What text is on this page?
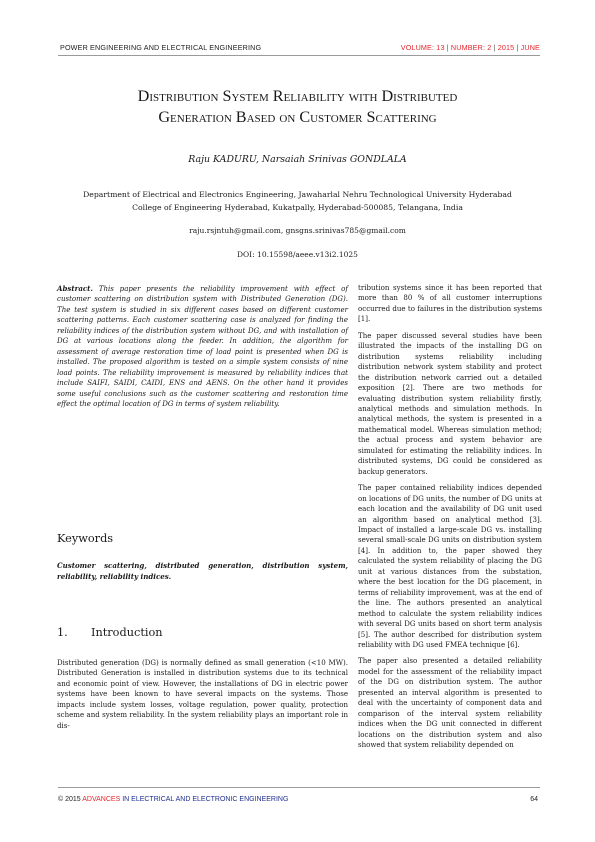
POWER ENGINEERING AND ELECTRICAL ENGINEERING	VOLUME: 13 | NUMBER: 2 | 2015 | JUNE
Distribution System Reliability with Distributed
Generation Based on Customer Scattering
Raju KADURU, Narsaiah Srinivas GONDLALA
Department of Electrical and Electronics Engineering, Jawaharlal Nehru Technological University Hyderabad
College of Engineering Hyderabad, Kukatpally, Hyderabad-500085, Telangana, India
raju.rsjntuh@gmail.com, gnsgns.srinivas785@gmail.com
DOI: 10.15598/aeee.v13i2.1025
Abstract. This paper presents the reliability improvement with effect of customer scattering on distribution system with Distributed Generation (DG). The test system is studied in six different cases based on different customer scattering patterns. Each customer scattering case is analyzed for finding the reliability indices of the distribution system without DG, and with installation of DG at various locations along the feeder. In addition, the algorithm for assessment of average restoration time of load point is presented when DG is installed. The proposed algorithm is tested on a simple system consists of nine load points. The reliability improvement is measured by reliability indices that include SAIFI, SAIDI, CAIDI, ENS and AENS. On the other hand it provides some useful conclusions such as the customer scattering and restoration time effect the optimal location of DG in terms of system reliability.
Keywords
Customer scattering, distributed generation, distribution system, reliability, reliability indices.
1. Introduction

Distributed generation (DG) is normally defined as small generation (<10 MW). Distributed Generation is installed in distribution systems due to its technical and economic point of view. However, the installations of DG in electric power systems have been known to have several impacts on the systems. Those impacts include system losses, voltage regulation, power quality, protection scheme and system reliability. In the system reliability plays an important role in dis-

tribution systems since it has been reported that more than 80 % of all customer interruptions occurred due to failures in the distribution systems [1].

The paper discussed several studies have been illustrated the impacts of the installing DG on distribution systems reliability including distribution network system stability and protect the distribution network carried out a detailed exposition [2]. There are two methods for evaluating distribution system reliability firstly, analytical methods and simulation methods. In analytical methods, the system is presented in a mathematical model. Whereas simulation method; the actual process and system behavior are simulated for estimating the reliability indices. In distributed systems, DG could be considered as backup generators.

The paper contained reliability indices depended on locations of DG units, the number of DG units at each location and the availability of DG unit used an algorithm based on analytical method [3]. Impact of installed a large-scale DG vs. installing several small-scale DG units on distribution system [4]. In addition to, the paper showed they calculated the system reliability of placing the DG unit at various distances from the substation, where the best location for the DG placement, in terms of reliability improvement, was at the end of the line. The authors presented an analytical method to calculate the system reliability indices with several DG units based on short term analysis [5]. The author described for distribution system reliability with DG used FMEA technique [6].

The paper also presented a detailed reliability model for the assessment of the reliability impact of the DG on distribution system. The author presented an interval algorithm is presented to deal with the uncertainty of component data and comparison of the interval system reliability indices when the DG unit connected in different locations on the distribution system and also showed that system reliability depended on

© 2015 ADVANCES IN ELECTRICAL AND ELECTRONIC ENGINEERING	64
